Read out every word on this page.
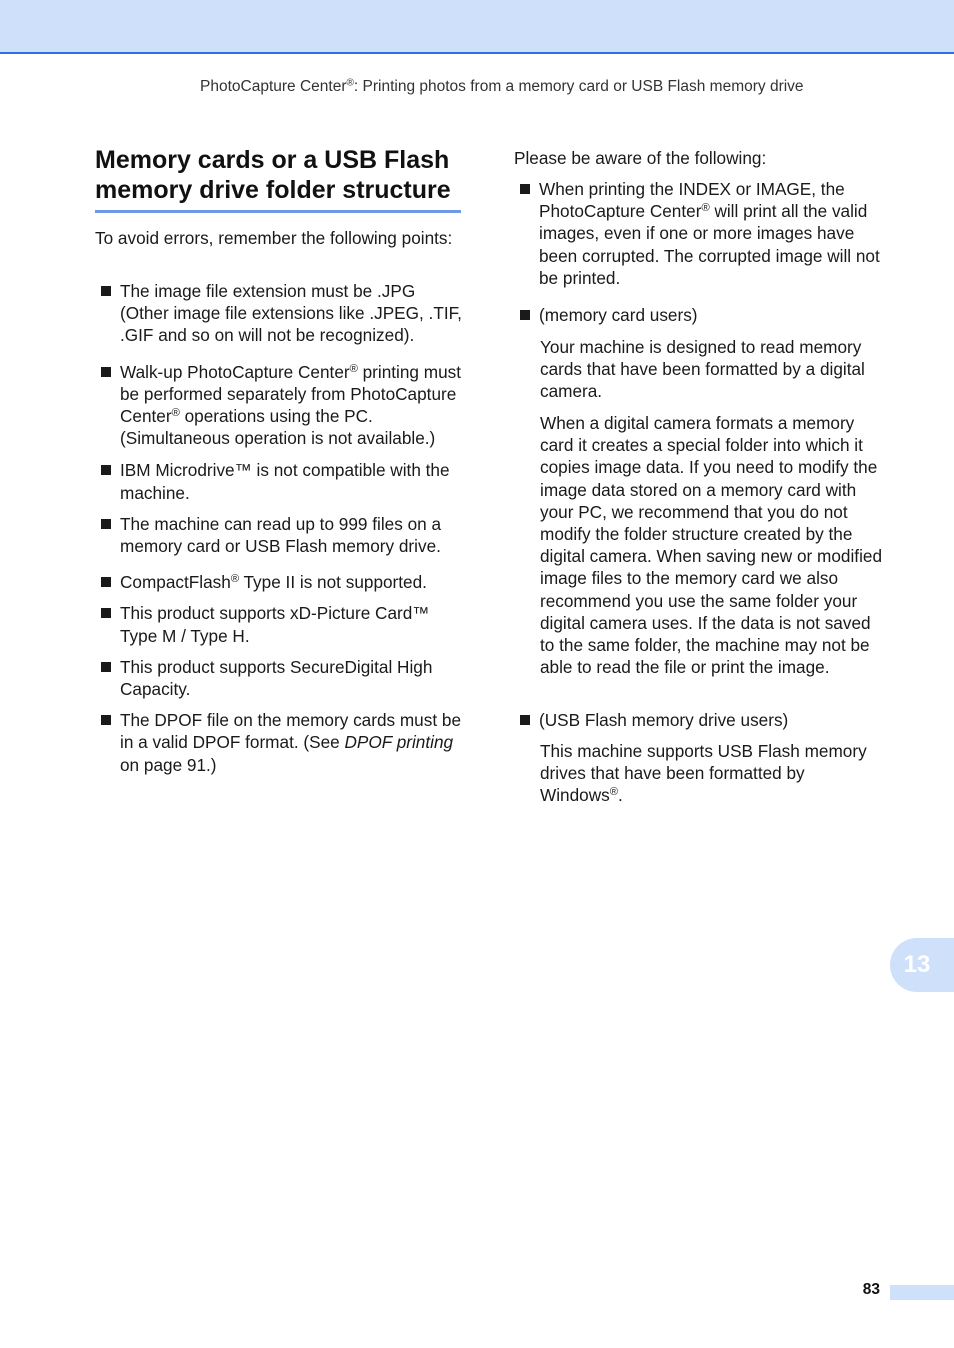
PhotoCapture Center®: Printing photos from a memory card or USB Flash memory drive
Memory cards or a USB Flash
memory drive folder structure

To avoid errors, remember the following points:

The image file extension must be .JPG (Other image file extensions like .JPEG, .TIF, .GIF and so on will not be recognized).
Walk-up PhotoCapture Center® printing must be performed separately from PhotoCapture Center® operations using the PC. (Simultaneous operation is not available.)
IBM Microdrive™ is not compatible with the machine.
The machine can read up to 999 files on a memory card or USB Flash memory drive.
CompactFlash® Type II is not supported.
This product supports xD-Picture Card™ Type M / Type H.
This product supports SecureDigital High Capacity.
The DPOF file on the memory cards must be in a valid DPOF format. (See DPOF printing on page 91.)

Please be aware of the following:

When printing the INDEX or IMAGE, the PhotoCapture Center® will print all the valid images, even if one or more images have been corrupted. The corrupted image will not be printed.
(memory card users)

Your machine is designed to read memory cards that have been formatted by a digital camera.

When a digital camera formats a memory card it creates a special folder into which it copies image data. If you need to modify the image data stored on a memory card with your PC, we recommend that you do not modify the folder structure created by the digital camera. When saving new or modified image files to the memory card we also recommend you use the same folder your digital camera uses. If the data is not saved to the same folder, the machine may not be able to read the file or print the image.

(USB Flash memory drive users)

This machine supports USB Flash memory drives that have been formatted by Windows®.

13
83
